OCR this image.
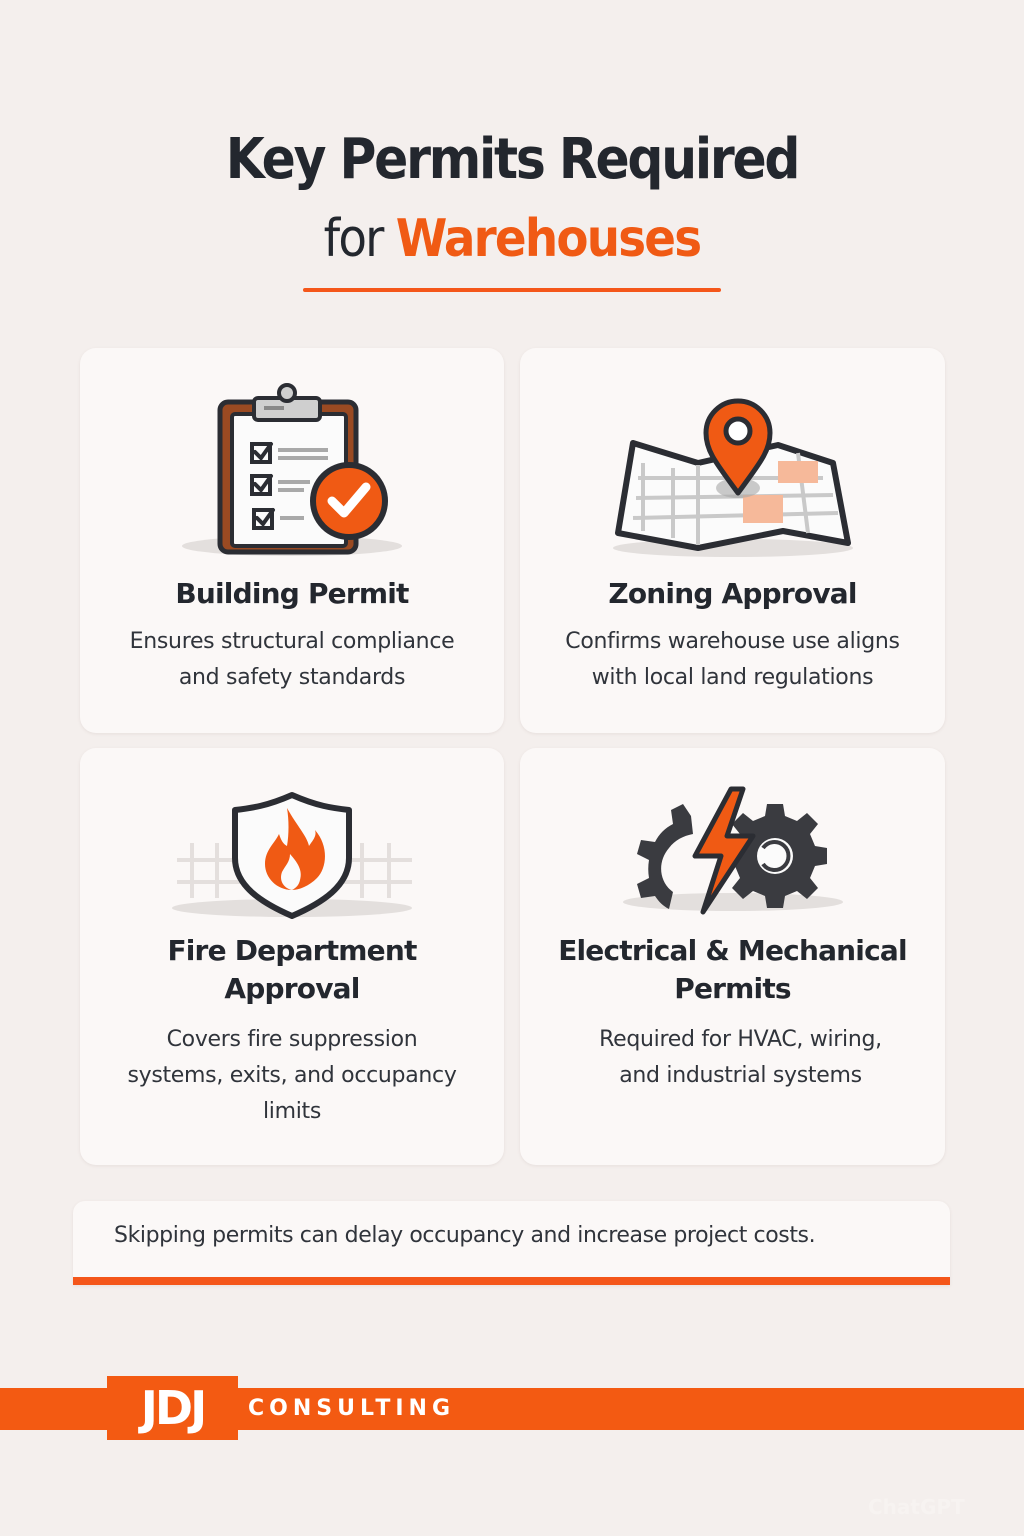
Key Permits Required
for Warehouses
Building Permit
Ensures structural compliance
and safety standards
Zoning Approval
Confirms warehouse use aligns
with local land regulations
Fire Department
Approval
Covers fire suppression
systems, exits, and occupancy
limits
Electrical & Mechanical
Permits
Required for HVAC, wiring,
and industrial systems
Skipping permits can delay occupancy and increase project costs.
JDJ CONSULTING
ChatGPT
